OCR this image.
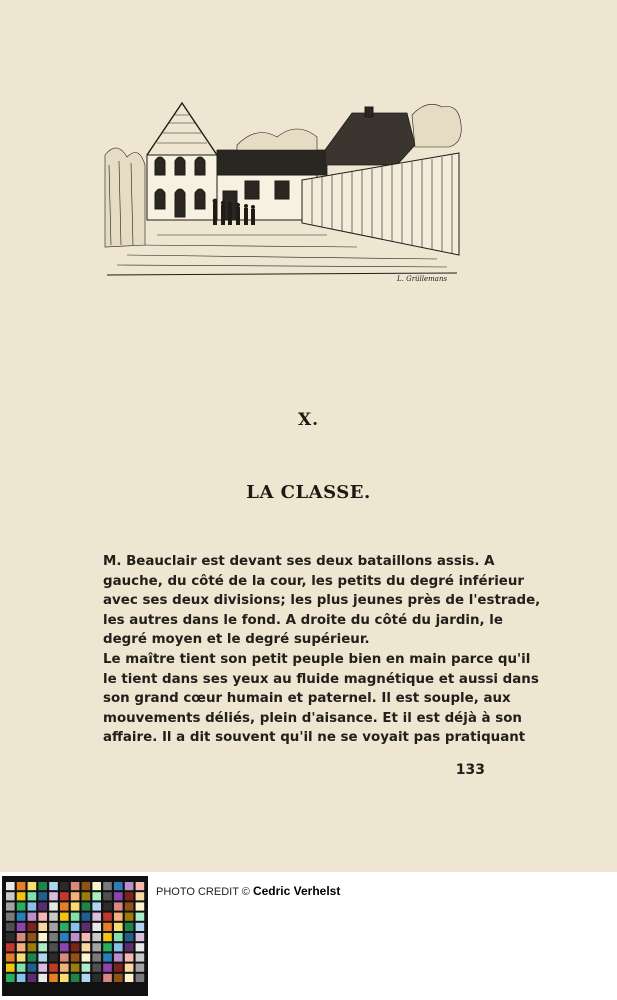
L. Grüllemans
X.
LA CLASSE.
M. Beauclair est devant ses deux bataillons assis. A
gauche, du côté de la cour, les petits du degré inférieur
avec ses deux divisions; les plus jeunes près de l'estrade,
les autres dans le fond. A droite du côté du jardin, le
degré moyen et le degré supérieur.
Le maître tient son petit peuple bien en main parce qu'il
le tient dans ses yeux au fluide magnétique et aussi dans
son grand cœur humain et paternel. Il est souple, aux
mouvements déliés, plein d'aisance. Et il est déjà à son
affaire. Il a dit souvent qu'il ne se voyait pas pratiquant
133
PHOTO CREDIT © Cedric Verhelst
